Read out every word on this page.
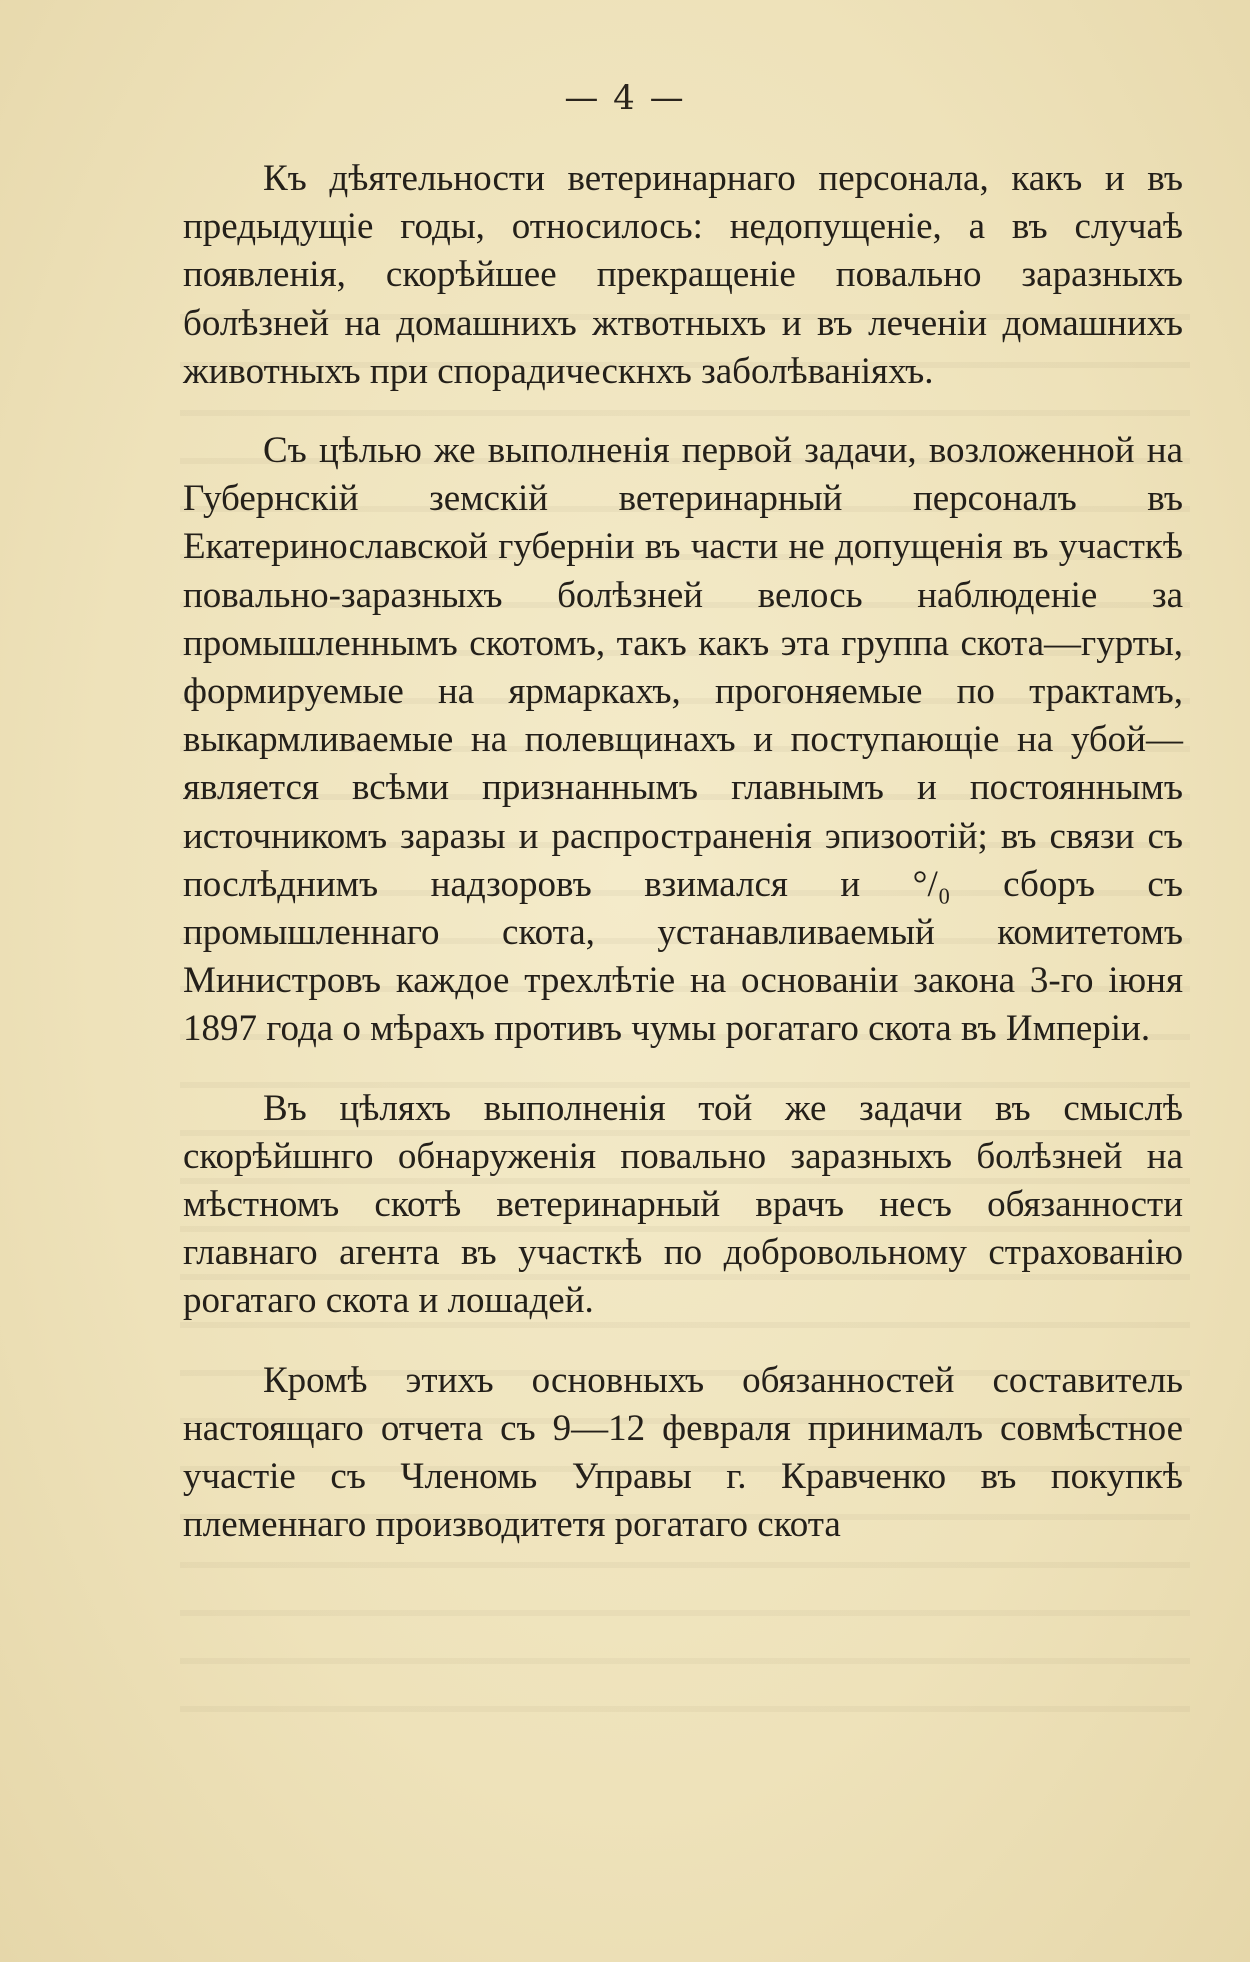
— 4 —

Къ дѣятельности ветеринарнаго персонала, какъ и въ предыдущіе годы, относилось: недопущеніе, а въ случаѣ появленія, скорѣйшее прекращеніе повально заразныхъ болѣзней на домашнихъ жтвотныхъ и въ леченіи домашнихъ животныхъ при спорадическнхъ заболѣваніяхъ.

Съ цѣлью же выполненія первой задачи, возложенной на Губернскій земскій ветеринарный персоналъ въ Екатеринославской губерніи въ части не допущенія въ участкѣ повально-заразныхъ болѣзней велось наблюденіе за промышленнымъ скотомъ, такъ какъ эта группа скота—гурты, формируемые на ярмаркахъ, прогоняемые по трактамъ, выкармливаемые на полевщинахъ и поступающіе на убой—является всѣми признаннымъ главнымъ и постояннымъ источникомъ заразы и распространенія эпизоотій; въ связи съ послѣднимъ надзоровъ взимался и °/₀ сборъ съ промышленнаго скота, устанавливаемый комитетомъ Министровъ каждое трехлѣтіе на основаніи закона 3-го іюня 1897 года о мѣрахъ противъ чумы рогатаго скота въ Имперіи.

Въ цѣляхъ выполненія той же задачи въ смыслѣ скорѣйшнго обнаруженія повально заразныхъ болѣзней на мѣстномъ скотѣ ветеринарный врачъ несъ обязанности главнаго агента въ участкѣ по добровольному страхованію рогатаго скота и лошадей.

Кромѣ этихъ основныхъ обязанностей составитель настоящаго отчета съ 9—12 февраля принималъ совмѣстное участіе съ Членомь Управы г. Кравченко въ покупкѣ племеннаго производитетя рогатаго скота
